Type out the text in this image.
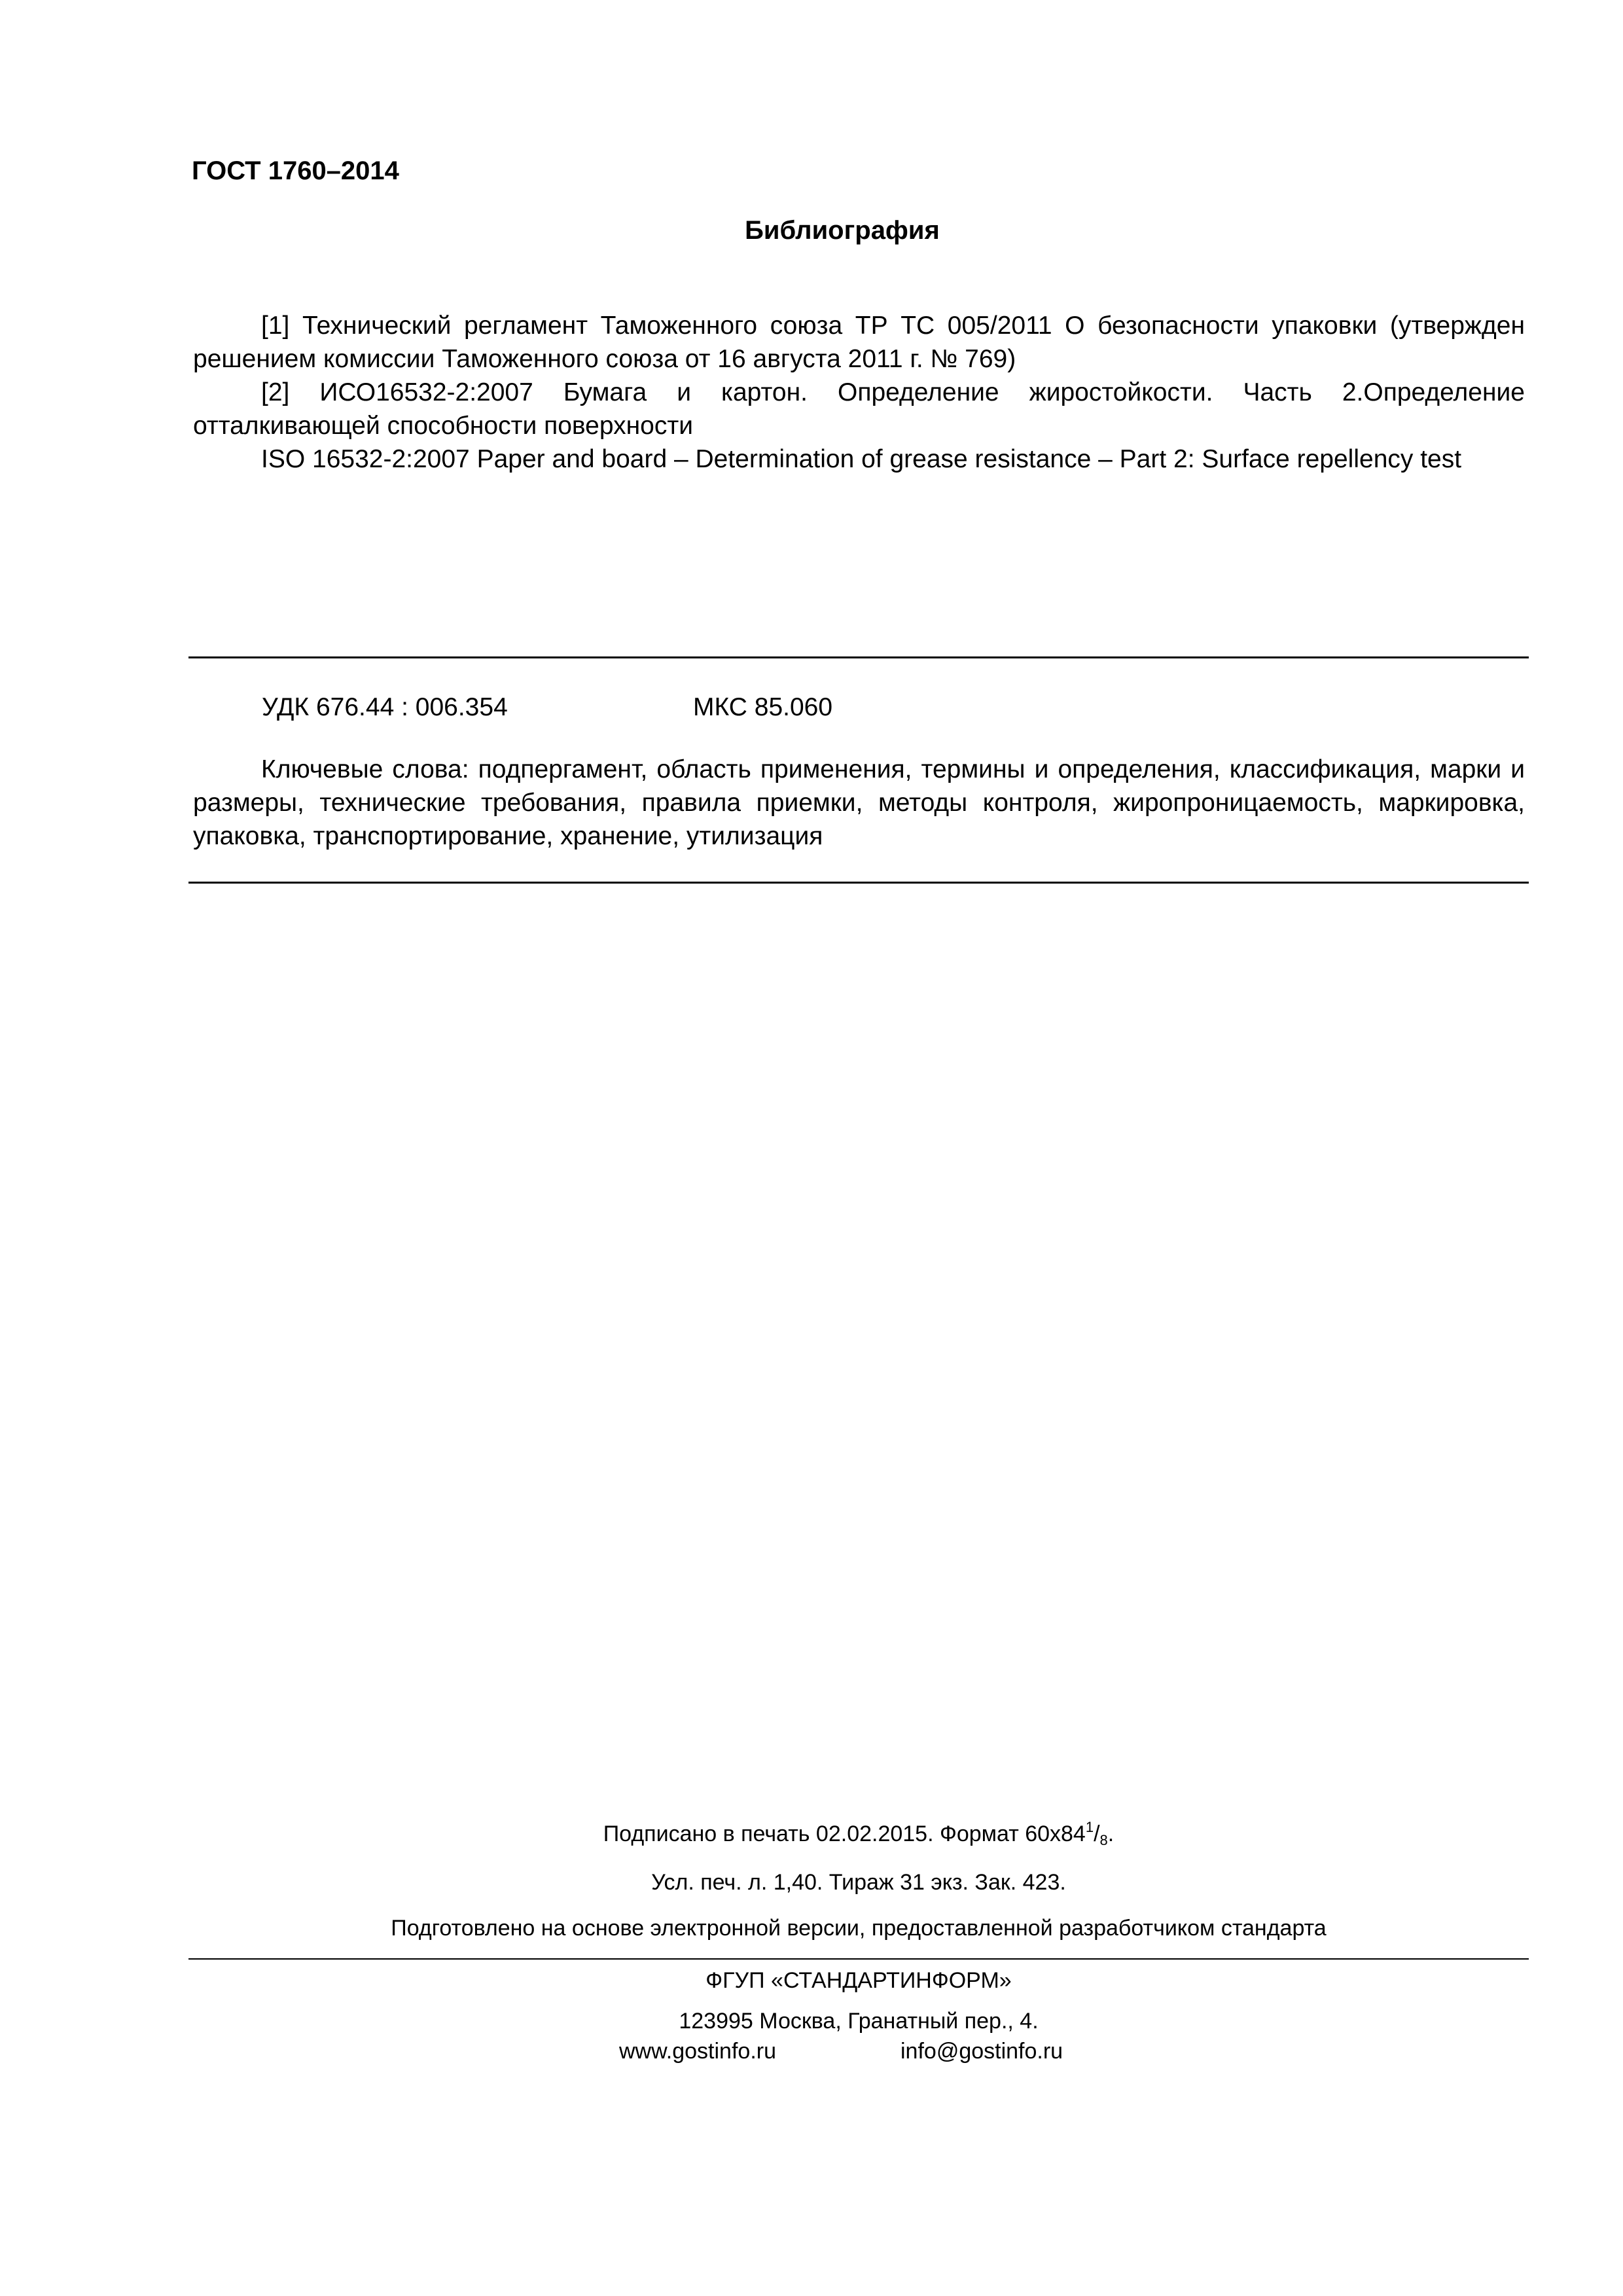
ГОСТ 1760–2014
Библиография

[1] Технический регламент Таможенного союза ТР ТС 005/2011 О безопасности упаковки (утвержден решением комиссии Таможенного союза от 16 августа 2011 г. № 769)

[2] ИСО16532-2:2007 Бумага и картон. Определение жиростойкости. Часть 2.Определение отталкивающей способности поверхности

ISO 16532-2:2007 Paper and board – Determination of grease resistance – Part 2: Surface repellency test

УДК 676.44 : 006.354	МКС 85.060

Ключевые слова: подпергамент, область применения, термины и определения, классификация, марки и размеры, технические требования, правила приемки, методы контроля, жиропроницаемость, маркировка, упаковка, транспортирование, хранение, утилизация

Подписано в печать 02.02.2015. Формат $60x84^1/_8$.
Усл. печ. л. 1,40. Тираж 31 экз. Зак. 423.
Подготовлено на основе электронной версии, предоставленной разработчиком стандарта
ФГУП «СТАНДАРТИНФОРМ»
123995 Москва, Гранатный пер., 4.
www.gostinfo.ru	info@gostinfo.ru
